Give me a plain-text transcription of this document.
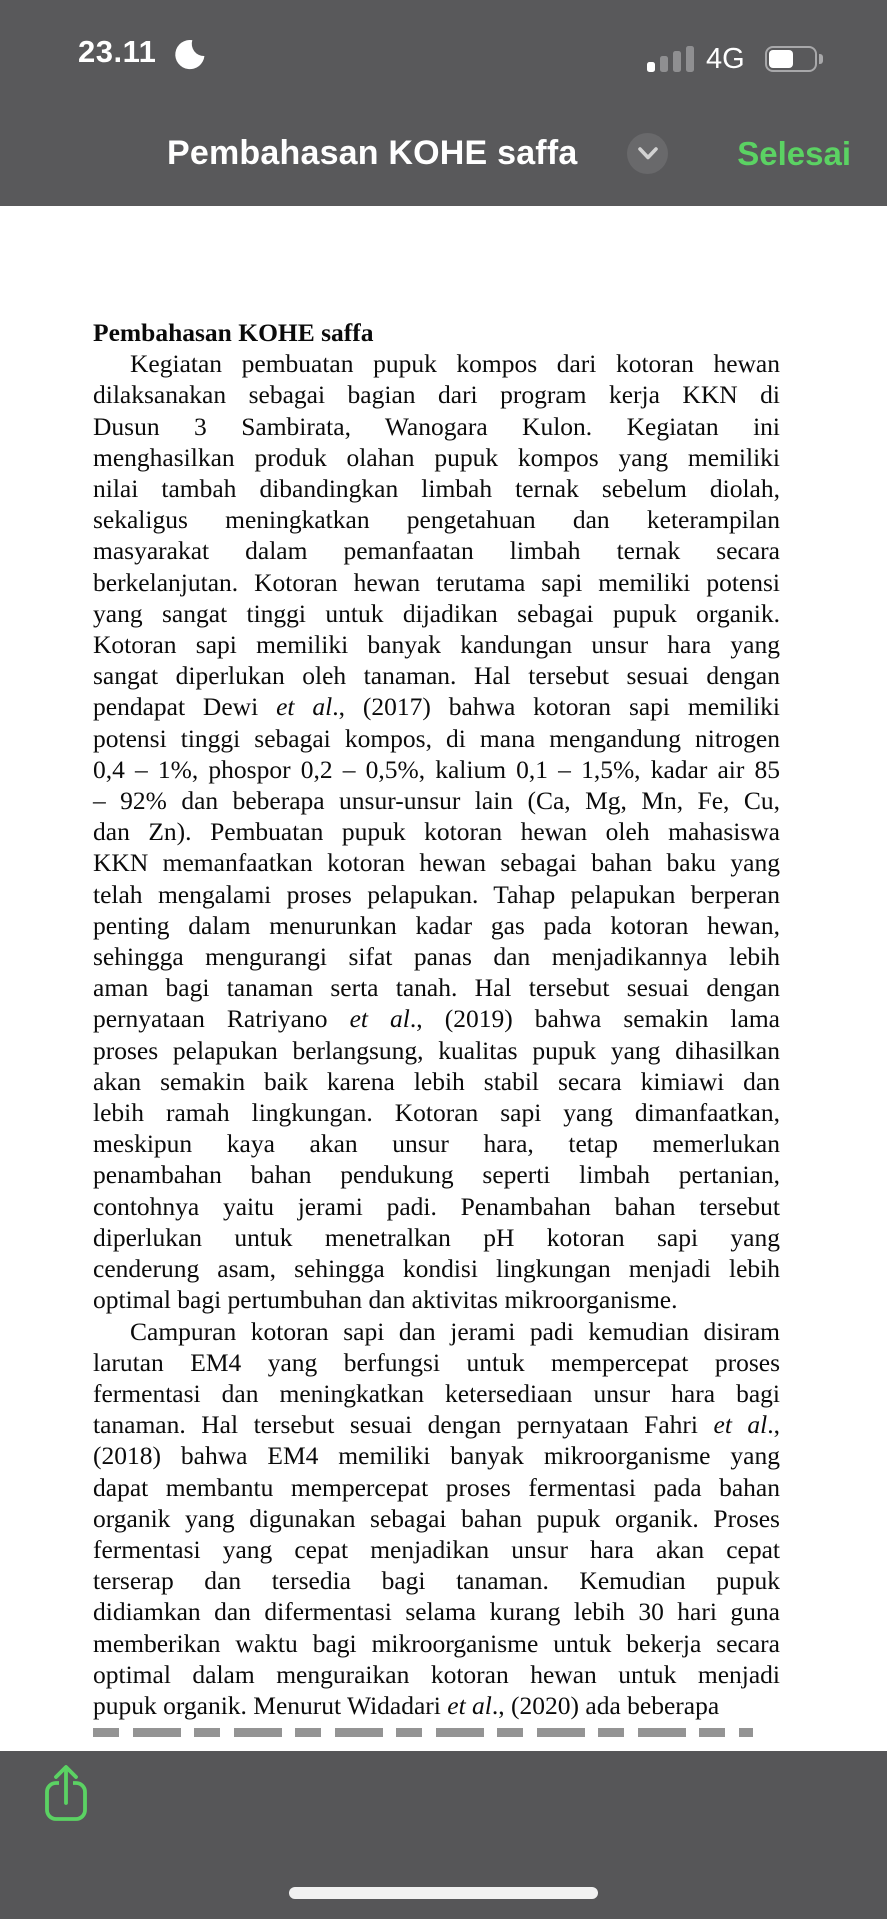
23.11	4G
Pembahasan KOHE saffa	Selesai
Pembahasan KOHE saffa
Kegiatan pembuatan pupuk kompos dari kotoran hewan
dilaksanakan sebagai bagian dari program kerja KKN di
Dusun 3 Sambirata, Wanogara Kulon. Kegiatan ini
menghasilkan produk olahan pupuk kompos yang memiliki
nilai tambah dibandingkan limbah ternak sebelum diolah,
sekaligus meningkatkan pengetahuan dan keterampilan
masyarakat dalam pemanfaatan limbah ternak secara
berkelanjutan. Kotoran hewan terutama sapi memiliki potensi
yang sangat tinggi untuk dijadikan sebagai pupuk organik.
Kotoran sapi memiliki banyak kandungan unsur hara yang
sangat diperlukan oleh tanaman. Hal tersebut sesuai dengan
pendapat Dewi et al., (2017) bahwa kotoran sapi memiliki
potensi tinggi sebagai kompos, di mana mengandung nitrogen
0,4 – 1%, phospor 0,2 – 0,5%, kalium 0,1 – 1,5%, kadar air 85
– 92% dan beberapa unsur-unsur lain (Ca, Mg, Mn, Fe, Cu,
dan Zn). Pembuatan pupuk kotoran hewan oleh mahasiswa
KKN memanfaatkan kotoran hewan sebagai bahan baku yang
telah mengalami proses pelapukan. Tahap pelapukan berperan
penting dalam menurunkan kadar gas pada kotoran hewan,
sehingga mengurangi sifat panas dan menjadikannya lebih
aman bagi tanaman serta tanah. Hal tersebut sesuai dengan
pernyataan Ratriyano et al., (2019) bahwa semakin lama
proses pelapukan berlangsung, kualitas pupuk yang dihasilkan
akan semakin baik karena lebih stabil secara kimiawi dan
lebih ramah lingkungan. Kotoran sapi yang dimanfaatkan,
meskipun kaya akan unsur hara, tetap memerlukan
penambahan bahan pendukung seperti limbah pertanian,
contohnya yaitu jerami padi. Penambahan bahan tersebut
diperlukan untuk menetralkan pH kotoran sapi yang
cenderung asam, sehingga kondisi lingkungan menjadi lebih
optimal bagi pertumbuhan dan aktivitas mikroorganisme.
Campuran kotoran sapi dan jerami padi kemudian disiram
larutan EM4 yang berfungsi untuk mempercepat proses
fermentasi dan meningkatkan ketersediaan unsur hara bagi
tanaman. Hal tersebut sesuai dengan pernyataan Fahri et al.,
(2018) bahwa EM4 memiliki banyak mikroorganisme yang
dapat membantu mempercepat proses fermentasi pada bahan
organik yang digunakan sebagai bahan pupuk organik. Proses
fermentasi yang cepat menjadikan unsur hara akan cepat
terserap dan tersedia bagi tanaman. Kemudian pupuk
didiamkan dan difermentasi selama kurang lebih 30 hari guna
memberikan waktu bagi mikroorganisme untuk bekerja secara
optimal dalam menguraikan kotoran hewan untuk menjadi
pupuk organik. Menurut Widadari et al., (2020) ada beberapa
